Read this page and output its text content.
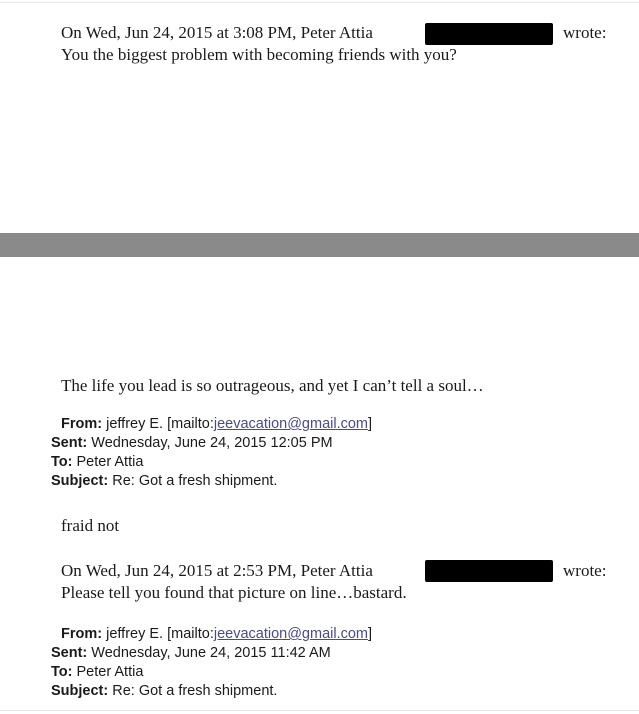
On Wed, Jun 24, 2015 at 3:08 PM, Peter Attia	wrote:
You the biggest problem with becoming friends with you?
The life you lead is so outrageous, and yet I can’t tell a soul…
From: jeffrey E. [mailto:jeevacation@gmail.com]
Sent: Wednesday, June 24, 2015 12:05 PM
To: Peter Attia
Subject: Re: Got a fresh shipment.
fraid not
On Wed, Jun 24, 2015 at 2:53 PM, Peter Attia	wrote:
Please tell you found that picture on line…bastard.
From: jeffrey E. [mailto:jeevacation@gmail.com]
Sent: Wednesday, June 24, 2015 11:42 AM
To: Peter Attia
Subject: Re: Got a fresh shipment.
